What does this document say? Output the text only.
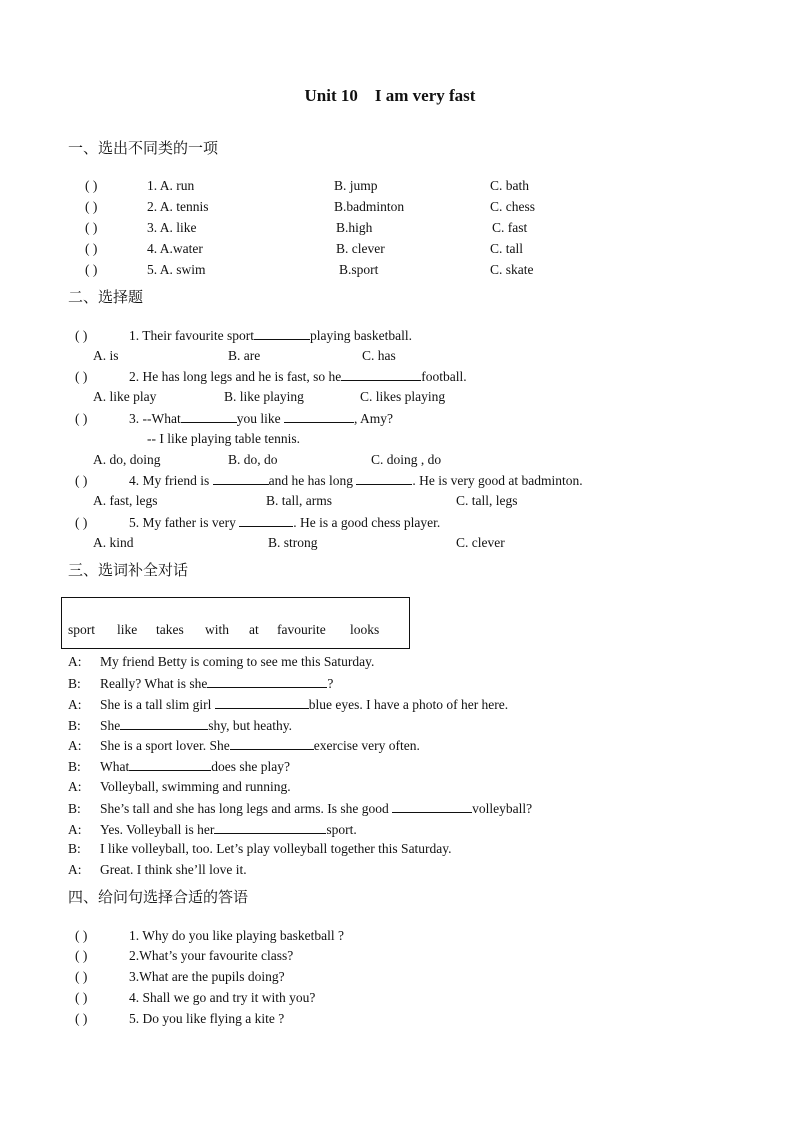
Unit 10    I am very fast
一、选出不同类的一项
( )	1. A. run	B. jump	C. bath
( )	2. A. tennis	B.badminton	C. chess
( )	3. A. like	B.high	C. fast
( )	4. A.water	B. clever	C. tall
( )	5. A. swim	B.sport	C. skate
二、选择题
( )	1. Their favourite sport	playing basketball.
A. is	B. are	C. has
( )	2. He has long legs and he is fast, so he	football.
A. like play	B. like playing	C. likes playing
( )	3. --What	you like	, Amy?
-- I like playing table tennis.
A. do, doing	B. do, do	C. doing , do
( )	4. My friend is	and he has long	. He is very good at badminton.
A. fast, legs	B. tall, arms	C. tall, legs
( )	5. My father is very	. He is a good chess player.
A. kind	B. strong	C. clever
三、选词补全对话
sport like takes with at favourite looks
A: My friend Betty is coming to see me this Saturday.
B: Really? What is she	?
A: She is a tall slim girl	blue eyes. I have a photo of her here.
B: She	shy, but heathy.
A: She is a sport lover. She	exercise very often.
B: What	does she play?
A: Volleyball, swimming and running.
B: She’s tall and she has long legs and arms. Is she good	volleyball?
A: Yes. Volleyball is her	sport.
B: I like volleyball, too. Let’s play volleyball together this Saturday.
A: Great. I think she’ll love it.
四、给问句选择合适的答语
( )	1. Why do you like playing basketball ?
( )	2.What’s your favourite class?
( )	3.What are the pupils doing?
( )	4. Shall we go and try it with you?
( )	5. Do you like flying a kite ?
